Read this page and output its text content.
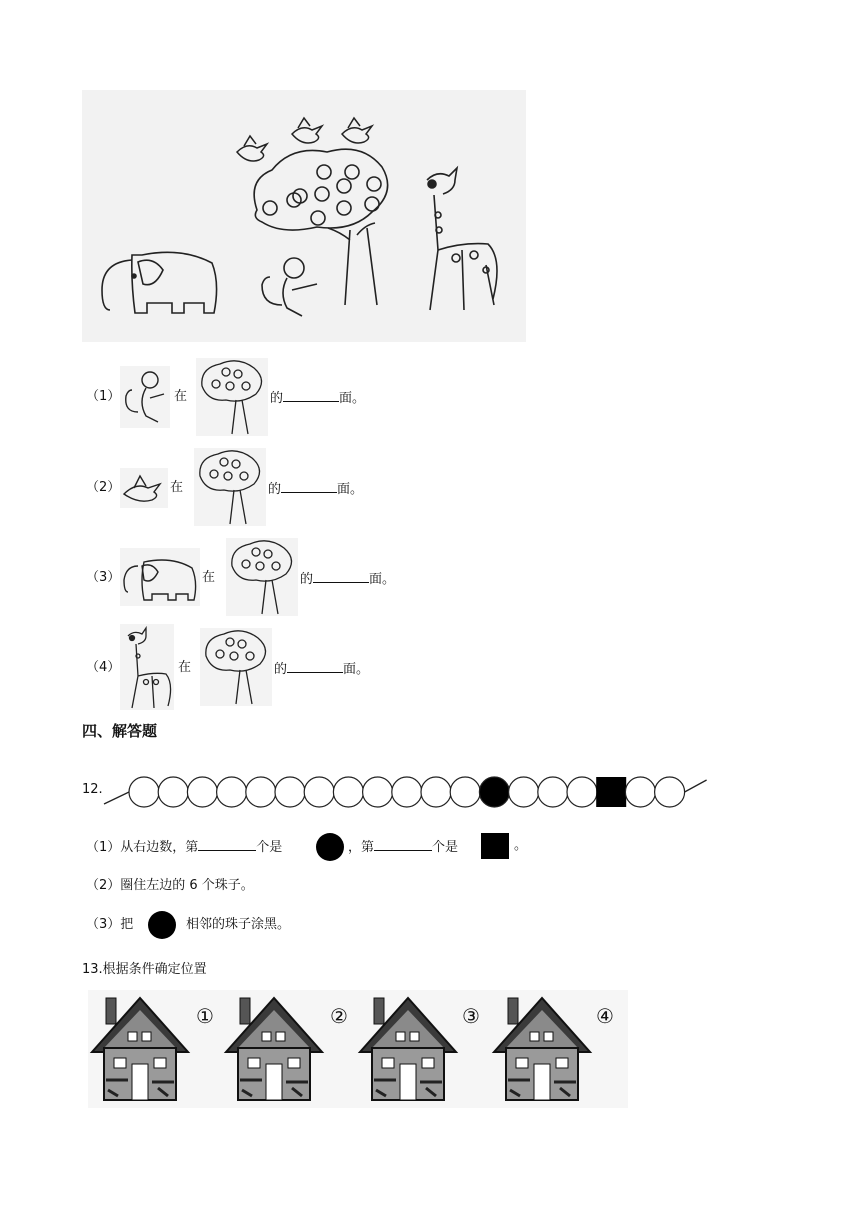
（1）	在	的	面。
（2）	在	的	面。
（3）	在	的	面。
（4）	在	的	面。
四、解答题
12.
（1）从右边数，第	个是	，第	个是	。
（2）圈住左边的 6 个珠子。
（3）把	相邻的珠子涂黑。
13.根据条件确定位置
①	②	③	④
